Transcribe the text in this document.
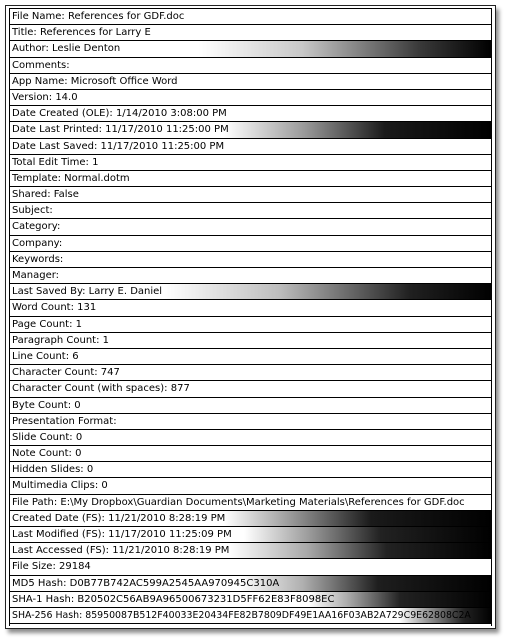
File Name: References for GDF.doc
Title: References for Larry E
Author: Leslie Denton
Comments:
App Name: Microsoft Office Word
Version: 14.0
Date Created (OLE): 1/14/2010 3:08:00 PM
Date Last Printed: 11/17/2010 11:25:00 PM
Date Last Saved: 11/17/2010 11:25:00 PM
Total Edit Time: 1
Template: Normal.dotm
Shared: False
Subject:
Category:
Company:
Keywords:
Manager:
Last Saved By: Larry E. Daniel
Word Count: 131
Page Count: 1
Paragraph Count: 1
Line Count: 6
Character Count: 747
Character Count (with spaces): 877
Byte Count: 0
Presentation Format:
Slide Count: 0
Note Count: 0
Hidden Slides: 0
Multimedia Clips: 0
File Path: E:\My Dropbox\Guardian Documents\Marketing Materials\References for GDF.doc
Created Date (FS): 11/21/2010 8:28:19 PM
Last Modified (FS): 11/17/2010 11:25:09 PM
Last Accessed (FS): 11/21/2010 8:28:19 PM
File Size: 29184
MD5 Hash: D0B77B742AC599A2545AA970945C310A
SHA-1 Hash: B20502C56AB9A96500673231D5FF62E83F8098EC
SHA-256 Hash: 85950087B512F40033E20434FE82B7809DF49E1AA16F03AB2A729C9E62808C2A
